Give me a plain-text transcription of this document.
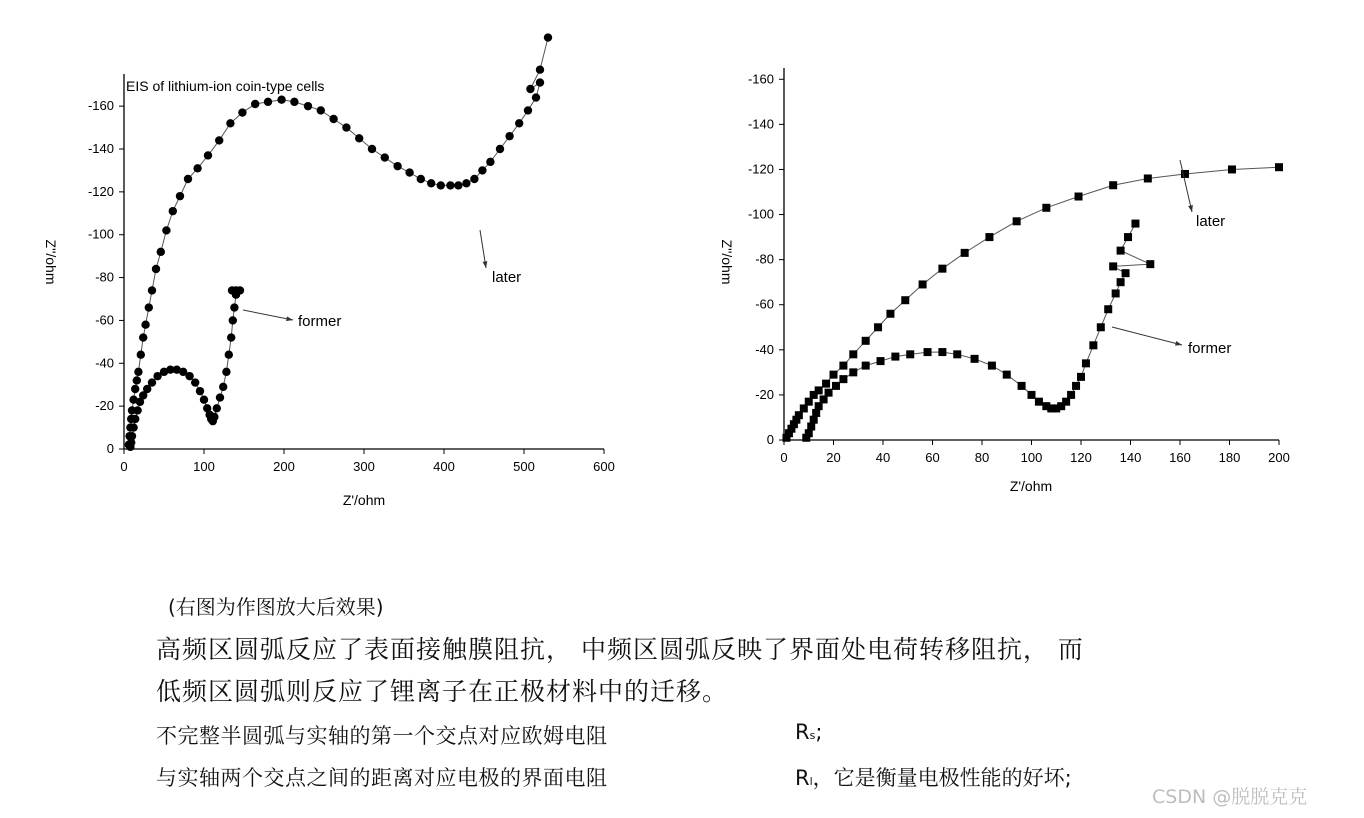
0	100	200	300	400	500	600
0
-20
-40
-60
-80
-100
-120
-140
-160
Z'/ohm
Z''/ohm
EIS of lithium-ion coin-type cells
later
former
0	20	40	60	80 100 120 140 160 180 200
0
-20
-40
-60
-80
-100
-120
-140
-160
Z'/ohm
Z''/ohm
later
former
(右图为作图放大后效果)
高频区圆弧反应了表面接触膜阻抗， 中频区圆弧反映了界面处电荷转移阻抗， 而
低频区圆弧则反应了锂离子在正极材料中的迁移。
不完整半圆弧与实轴的第一个交点对应欧姆电阻	Rs;
与实轴两个交点之间的距离对应电极的界面电阻	Rl，它是衡量电极性能的好坏;
CSDN @脱脱克克
